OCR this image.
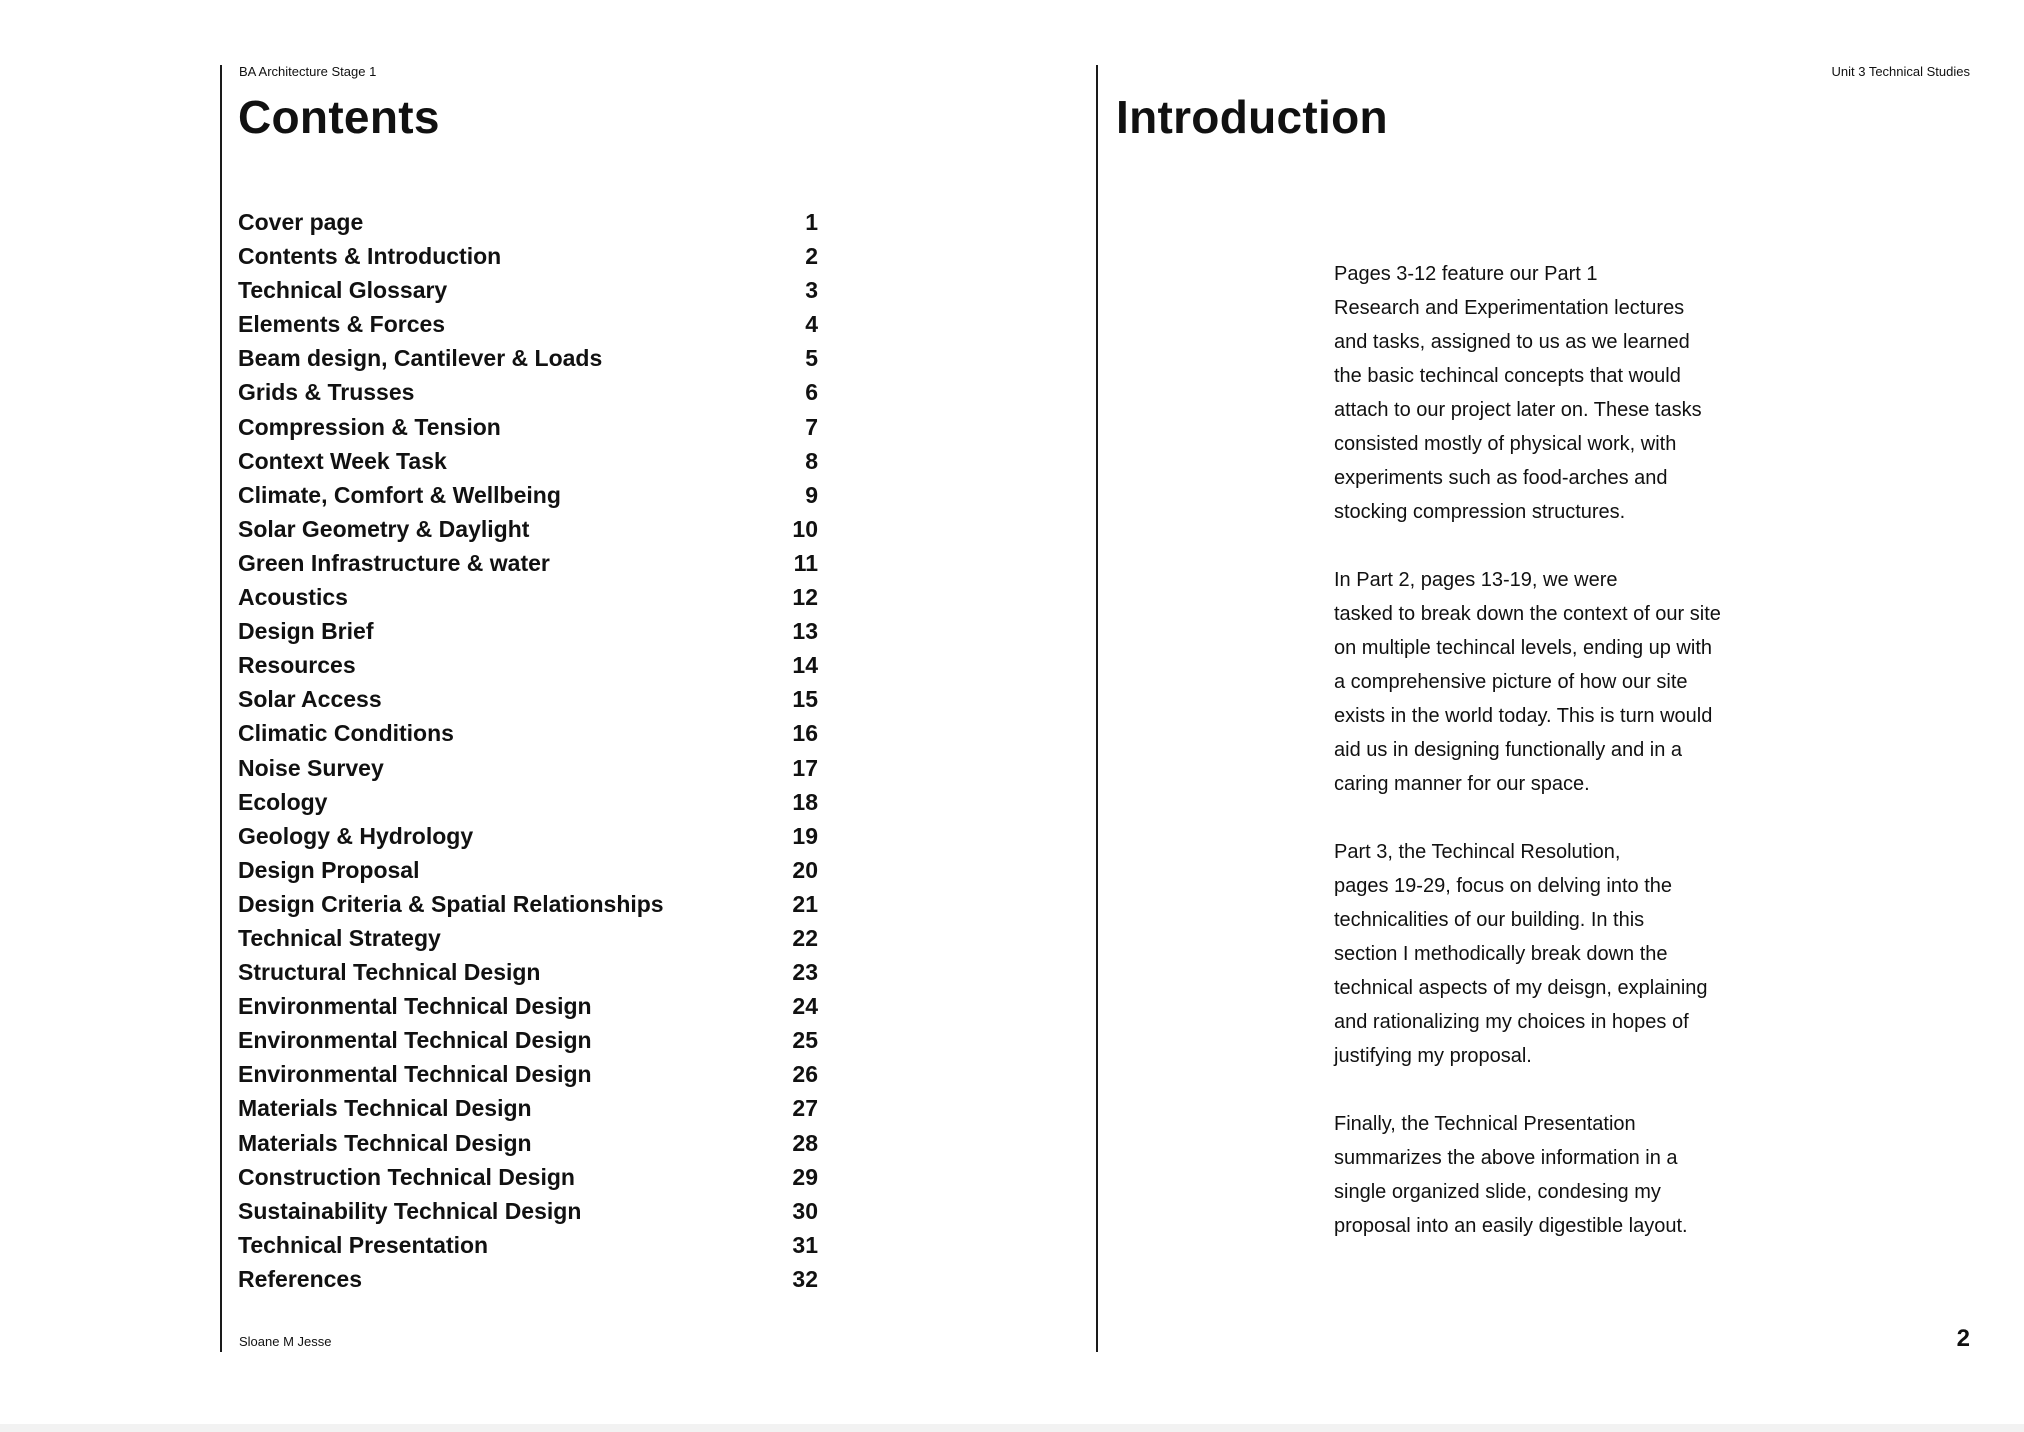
BA Architecture Stage 1	Unit 3 Technical Studies
Contents	Introduction
Cover page	1
Contents & Introduction	2
Technical Glossary	3
Elements & Forces	4
Beam design, Cantilever & Loads	5
Grids & Trusses	6
Compression & Tension	7
Context Week Task	8
Climate, Comfort & Wellbeing	9
Solar Geometry & Daylight	10
Green Infrastructure & water	11
Acoustics	12
Design Brief	13
Resources	14
Solar Access	15
Climatic Conditions	16
Noise Survey	17
Ecology	18
Geology & Hydrology	19
Design Proposal	20
Design Criteria & Spatial Relationships	21
Technical Strategy	22
Structural Technical Design	23
Environmental Technical Design	24
Environmental Technical Design	25
Environmental Technical Design	26
Materials Technical Design	27
Materials Technical Design	28
Construction Technical Design	29
Sustainability Technical Design	30
Technical Presentation	31
References	32

Pages 3-12 feature our Part 1
Research and Experimentation lectures
and tasks, assigned to us as we learned
the basic techincal concepts that would
attach to our project later on. These tasks
consisted mostly of physical work, with
experiments such as food-arches and
stocking compression structures.

In Part 2, pages 13-19, we were
tasked to break down the context of our site
on multiple techincal levels, ending up with
a comprehensive picture of how our site
exists in the world today. This is turn would
aid us in designing functionally and in a
caring manner for our space.

Part 3, the Techincal Resolution,
pages 19-29, focus on delving into the
technicalities of our building. In this
section I methodically break down the
technical aspects of my deisgn, explaining
and rationalizing my choices in hopes of
justifying my proposal.

Finally, the Technical Presentation
summarizes the above information in a
single organized slide, condesing my
proposal into an easily digestible layout.

Sloane M Jesse	2
